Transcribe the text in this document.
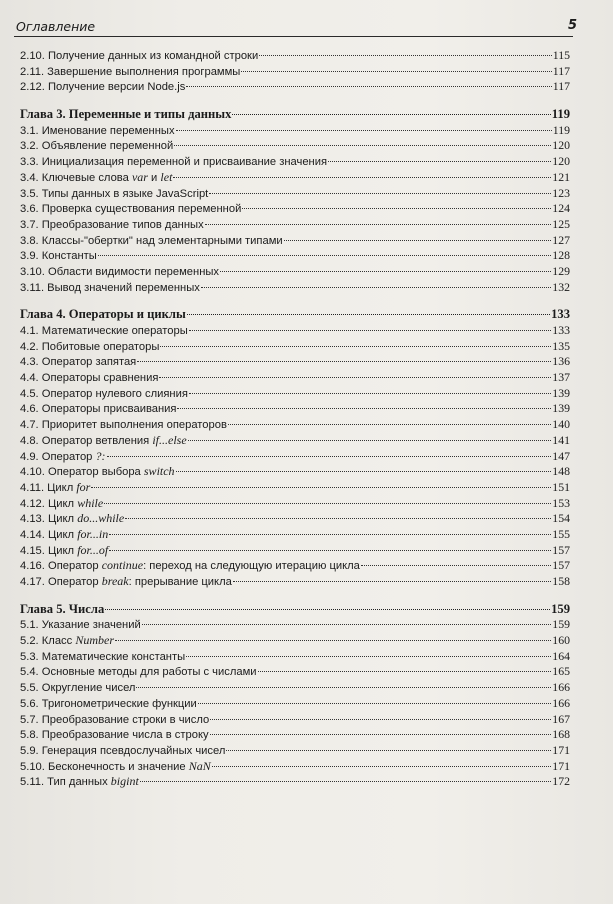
Оглавление	5
2.10. Получение данных из командной строки	115
2.11. Завершение выполнения программы	117
2.12. Получение версии Node.js	117
Глава 3. Переменные и типы данных	119
3.1. Именование переменных	119
3.2. Объявление переменной	120
3.3. Инициализация переменной и присваивание значения	120
3.4. Ключевые слова var и let	121
3.5. Типы данных в языке JavaScript	123
3.6. Проверка существования переменной	124
3.7. Преобразование типов данных	125
3.8. Классы-"обертки" над элементарными типами	127
3.9. Константы	128
3.10. Области видимости переменных	129
3.11. Вывод значений переменных	132
Глава 4. Операторы и циклы	133
4.1. Математические операторы	133
4.2. Побитовые операторы	135
4.3. Оператор запятая	136
4.4. Операторы сравнения	137
4.5. Оператор нулевого слияния	139
4.6. Операторы присваивания	139
4.7. Приоритет выполнения операторов	140
4.8. Оператор ветвления if...else	141
4.9. Оператор ?:	147
4.10. Оператор выбора switch	148
4.11. Цикл for	151
4.12. Цикл while	153
4.13. Цикл do...while	154
4.14. Цикл for...in	155
4.15. Цикл for...of	157
4.16. Оператор continue: переход на следующую итерацию цикла	157
4.17. Оператор break: прерывание цикла	158
Глава 5. Числа	159
5.1. Указание значений	159
5.2. Класс Number	160
5.3. Математические константы	164
5.4. Основные методы для работы с числами	165
5.5. Округление чисел	166
5.6. Тригонометрические функции	166
5.7. Преобразование строки в число	167
5.8. Преобразование числа в строку	168
5.9. Генерация псевдослучайных чисел	171
5.10. Бесконечность и значение NaN	171
5.11. Тип данных bigint	172
